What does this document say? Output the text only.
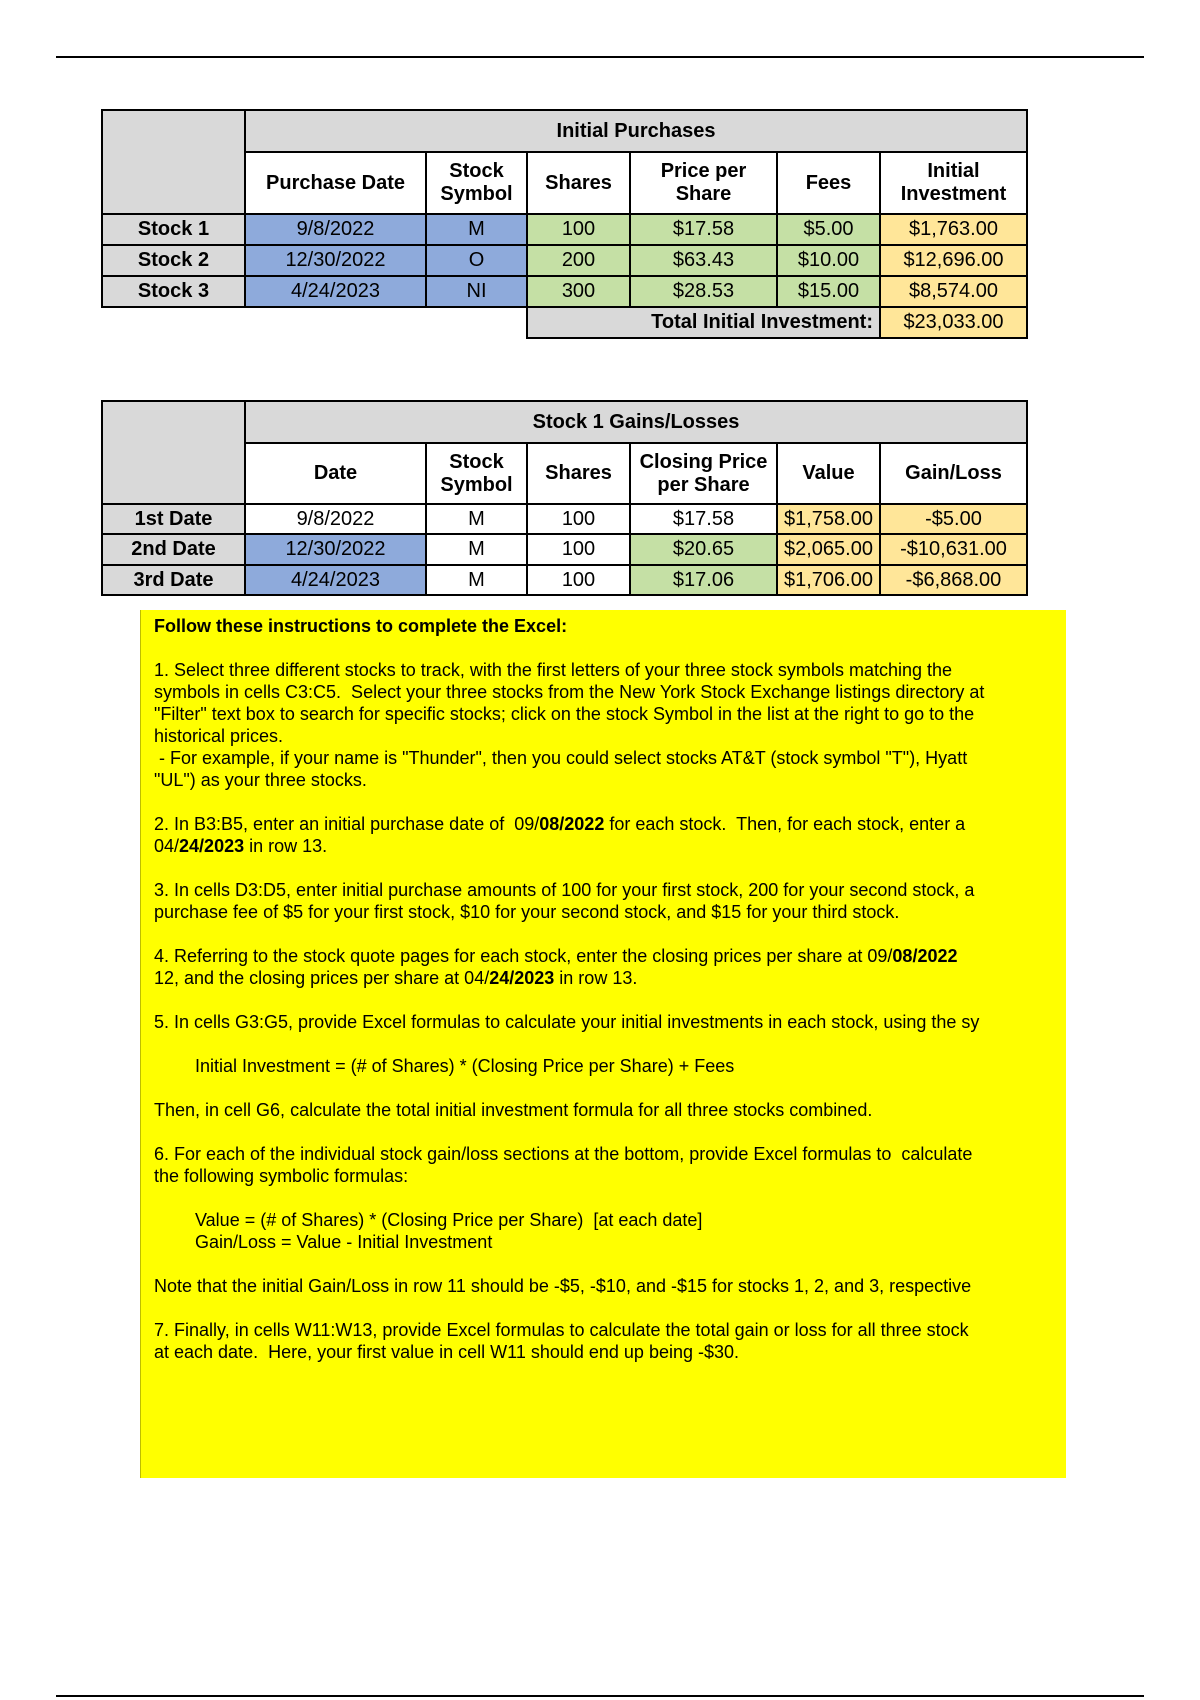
	Initial Purchases					
	Purchase Date	Stock Symbol	Shares	Price per Share	Fees	Initial Investment
Stock 1	9/8/2022	M	100	$17.58	$5.00	$1,763.00
Stock 2	12/30/2022	O	200	$63.43	$10.00	$12,696.00
Stock 3	4/24/2023	NI	300	$28.53	$15.00	$8,574.00
			Total Initial Investment:			$23,033.00
	Stock 1 Gains/Losses					
	Date	Stock Symbol	Shares	Closing Price per Share	Value	Gain/Loss
1st Date	9/8/2022	M	100	$17.58	$1,758.00	-$5.00
2nd Date	12/30/2022	M	100	$20.65	$2,065.00	-$10,631.00
3rd Date	4/24/2023	M	100	$17.06	$1,706.00	-$6,868.00

Follow these instructions to complete the Excel:

1. Select three different stocks to track, with the first letters of your three stock symbols matching the
symbols in cells C3:C5.  Select your three stocks from the New York Stock Exchange listings directory at
"Filter" text box to search for specific stocks; click on the stock Symbol in the list at the right to go to the
historical prices.
- For example, if your name is "Thunder", then you could select stocks AT&T (stock symbol "T"), Hyatt
"UL") as your three stocks.

2. In B3:B5, enter an initial purchase date of  09/08/2022 for each stock.  Then, for each stock, enter a
04/24/2023 in row 13.

3. In cells D3:D5, enter initial purchase amounts of 100 for your first stock, 200 for your second stock, a
purchase fee of $5 for your first stock, $10 for your second stock, and $15 for your third stock.

4. Referring to the stock quote pages for each stock, enter the closing prices per share at 09/08/2022
12, and the closing prices per share at 04/24/2023 in row 13.

5. In cells G3:G5, provide Excel formulas to calculate your initial investments in each stock, using the sy

Initial Investment = (# of Shares) * (Closing Price per Share) + Fees

Then, in cell G6, calculate the total initial investment formula for all three stocks combined.

6. For each of the individual stock gain/loss sections at the bottom, provide Excel formulas to  calculate
the following symbolic formulas:

Value = (# of Shares) * (Closing Price per Share)  [at each date]

Gain/Loss = Value - Initial Investment

Note that the initial Gain/Loss in row 11 should be -$5, -$10, and -$15 for stocks 1, 2, and 3, respective

7. Finally, in cells W11:W13, provide Excel formulas to calculate the total gain or loss for all three stock
at each date.  Here, your first value in cell W11 should end up being -$30.
